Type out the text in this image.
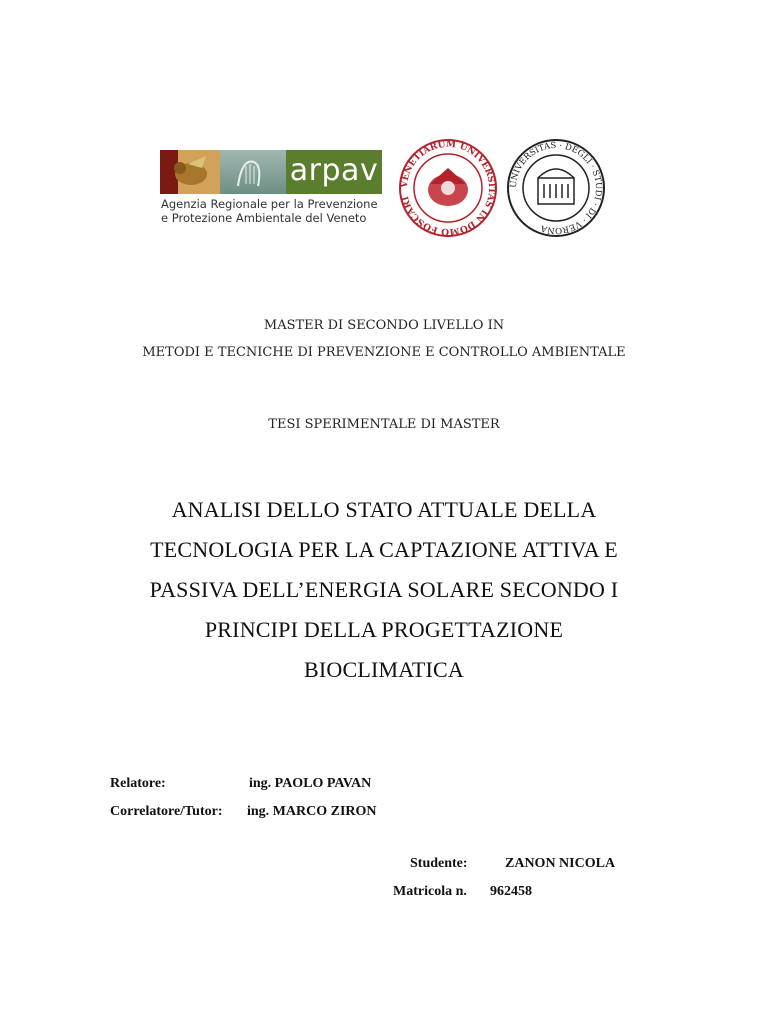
arpav
Agenzia Regionale per la Prevenzione
e Protezione Ambientale del Veneto
VENETIARUM UNIVERSITAS IN DOMO FOSCARI
UNIVERSITAS · DEGLI · STUDI · DI · VERONA
MASTER DI SECONDO LIVELLO IN
METODI E TECNICHE DI PREVENZIONE E CONTROLLO AMBIENTALE
TESI SPERIMENTALE DI MASTER
ANALISI DELLO STATO ATTUALE DELLA
TECNOLOGIA PER LA CAPTAZIONE ATTIVA E
PASSIVA DELL’ENERGIA SOLARE SECONDO I
PRINCIPI DELLA PROGETTAZIONE
BIOCLIMATICA
Relatore:	ing. PAOLO PAVAN
Correlatore/Tutor: ing. MARCO ZIRON
Studente:	ZANON NICOLA
Matricola n. 962458
